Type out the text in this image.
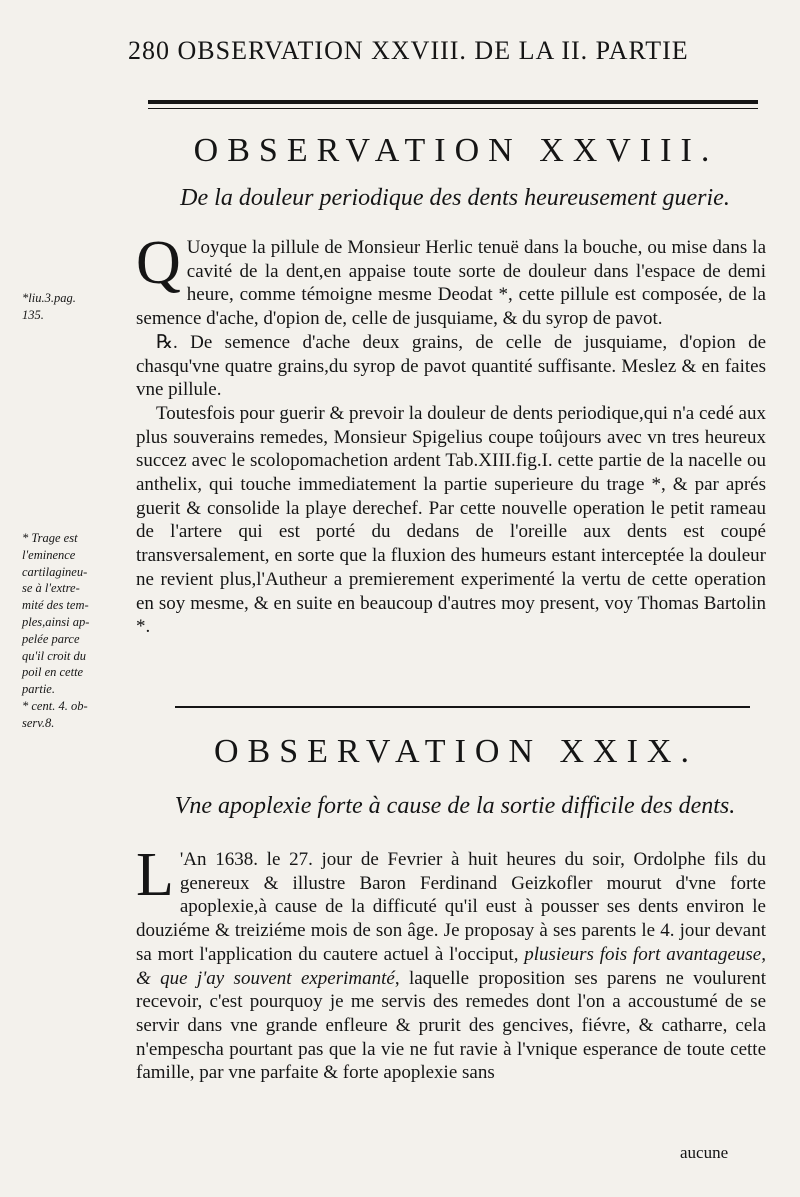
280 OBSERVATION XXVIII. DE LA II. PARTIE
OBSERVATION XXVIII.
De la douleur periodique des dents heureusement guerie.

Q Uoyque la pillule de Monsieur Herlic tenuë dans la bouche, ou mise dans la cavité de la dent,en appaise toute sorte de douleur dans l'espace de demi heure, comme témoigne mesme Deodat *, cette pillule est composée, de la semence d'ache, d'opion de, celle de jusquiame, & du syrop de pavot.

℞. De semence d'ache deux grains, de celle de jusquiame, d'opion de chasqu'vne quatre grains,du syrop de pavot quantité suffisante. Meslez & en faites vne pillule.

Toutesfois pour guerir & prevoir la douleur de dents periodique,qui n'a cedé aux plus souverains remedes, Monsieur Spigelius coupe toûjours avec vn tres heureux succez avec le scolopomachetion ardent Tab.XIII.fig.I. cette partie de la nacelle ou anthelix, qui touche immediatement la partie superieure du trage *, & par aprés guerit & consolide la playe derechef. Par cette nouvelle operation le petit rameau de l'artere qui est porté du dedans de l'oreille aux dents est coupé transversalement, en sorte que la fluxion des humeurs estant interceptée la douleur ne revient plus,l'Autheur a premierement experimenté la vertu de cette operation en soy mesme, & en suite en beaucoup d'autres moy present, voy Thomas Bartolin *.

*liu.3.pag.
135.
* Trage est
l'eminence
cartilagineu-
se à l'extre-
mité des tem-
ples,ainsi ap-
pelée parce
qu'il croit du
poil en cette
partie.
* cent. 4. ob-
serv.8.
OBSERVATION XXIX.
Vne apoplexie forte à cause de la sortie difficile des dents.

L 'An 1638. le 27. jour de Fevrier à huit heures du soir, Ordolphe fils du genereux & illustre Baron Ferdinand Geizkofler mourut d'vne forte apoplexie,à cause de la difficuté qu'il eust à pousser ses dents environ le douziéme & treiziéme mois de son âge. Je proposay à ses parents le 4. jour devant sa mort l'application du cautere actuel à l'occiput, plusieurs fois fort avantageuse, & que j'ay souvent experimanté, laquelle proposition ses parens ne voulurent recevoir, c'est pourquoy je me servis des remedes dont l'on a accoustumé de se servir dans vne grande enfleure & prurit des gencives, fiévre, & catharre, cela n'empescha pourtant pas que la vie ne fut ravie à l'vnique esperance de toute cette famille, par vne parfaite & forte apoplexie sans

aucune
